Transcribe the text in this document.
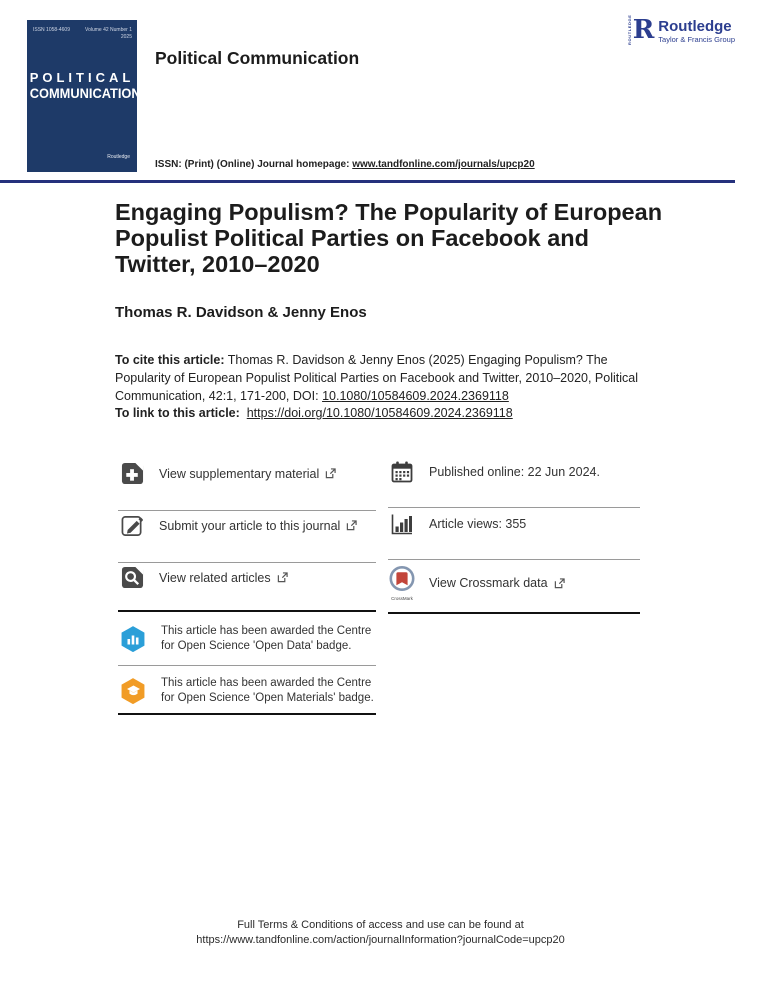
ISSN 1058-4609	Volume 42 Number 1
2025
POLITICAL
COMMUNICATION
Routledge
Political Communication
ISSN: (Print) (Online) Journal homepage: www.tandfonline.com/journals/upcp20
ROUTLEDGE R Routledge
Taylor & Francis Group
Engaging Populism? The Popularity of European Populist Political Parties on Facebook and Twitter, 2010–2020
Thomas R. Davidson & Jenny Enos
To cite this article: Thomas R. Davidson & Jenny Enos (2025) Engaging Populism? The Popularity of European Populist Political Parties on Facebook and Twitter, 2010–2020, Political Communication, 42:1, 171-200, DOI: 10.1080/10584609.2024.2369118
To link to this article: https://doi.org/10.1080/10584609.2024.2369118
View supplementary material
Submit your article to this journal
View related articles
Published online: 22 Jun 2024.
Article views: 355
CrossMark
View Crossmark data
This article has been awarded the Centre
for Open Science 'Open Data' badge.
This article has been awarded the Centre
for Open Science 'Open Materials' badge.
Full Terms & Conditions of access and use can be found at
https://www.tandfonline.com/action/journalInformation?journalCode=upcp20
